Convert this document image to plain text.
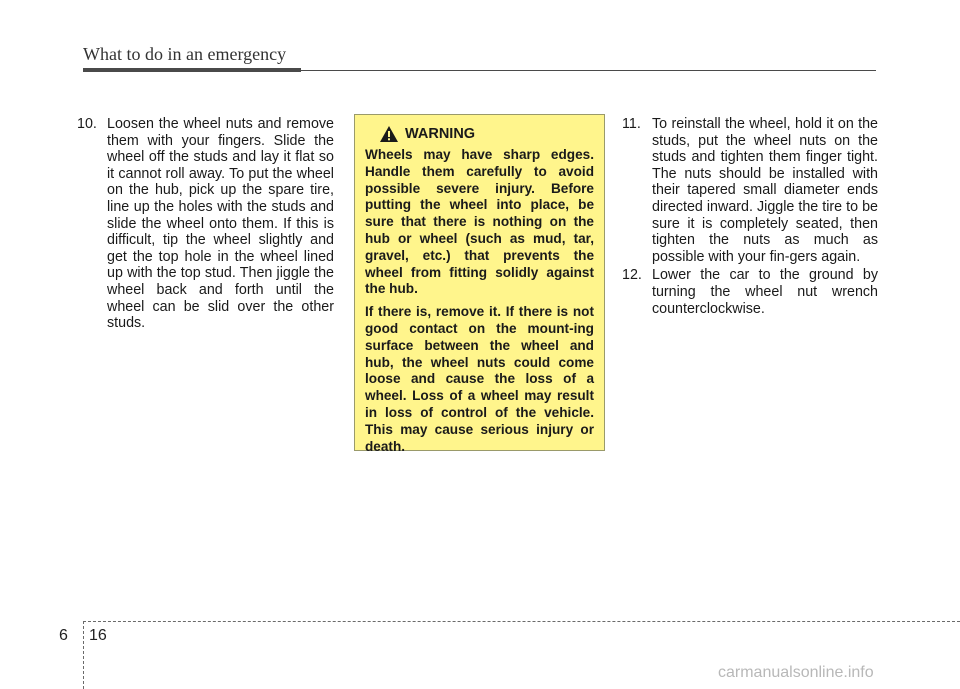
What to do in an emergency
10. Loosen the wheel nuts and remove them with your fingers. Slide the wheel off the studs and lay it flat so it cannot roll away. To put the wheel on the hub, pick up the spare tire, line up the holes with the studs and slide the wheel onto them. If this is difficult, tip the wheel slightly and get the top hole in the wheel lined up with the top stud. Then jiggle the wheel back and forth until the wheel can be slid over the other studs.
WARNING

Wheels may have sharp edges. Handle them carefully to avoid possible severe injury. Before putting the wheel into place, be sure that there is nothing on the hub or wheel (such as mud, tar, gravel, etc.) that prevents the wheel from fitting solidly against the hub.

If there is, remove it. If there is not good contact on the mount-ing surface between the wheel and hub, the wheel nuts could come loose and cause the loss of a wheel. Loss of a wheel may result in loss of control of the vehicle. This may cause serious injury or death.

11. To reinstall the wheel, hold it on the studs, put the wheel nuts on the studs and tighten them finger tight. The nuts should be installed with their tapered small diameter ends directed inward. Jiggle the tire to be sure it is completely seated, then tighten the nuts as much as possible with your fin-gers again.
12. Lower the car to the ground by turning the wheel nut wrench counterclockwise.
6 16
carmanualsonline.info
